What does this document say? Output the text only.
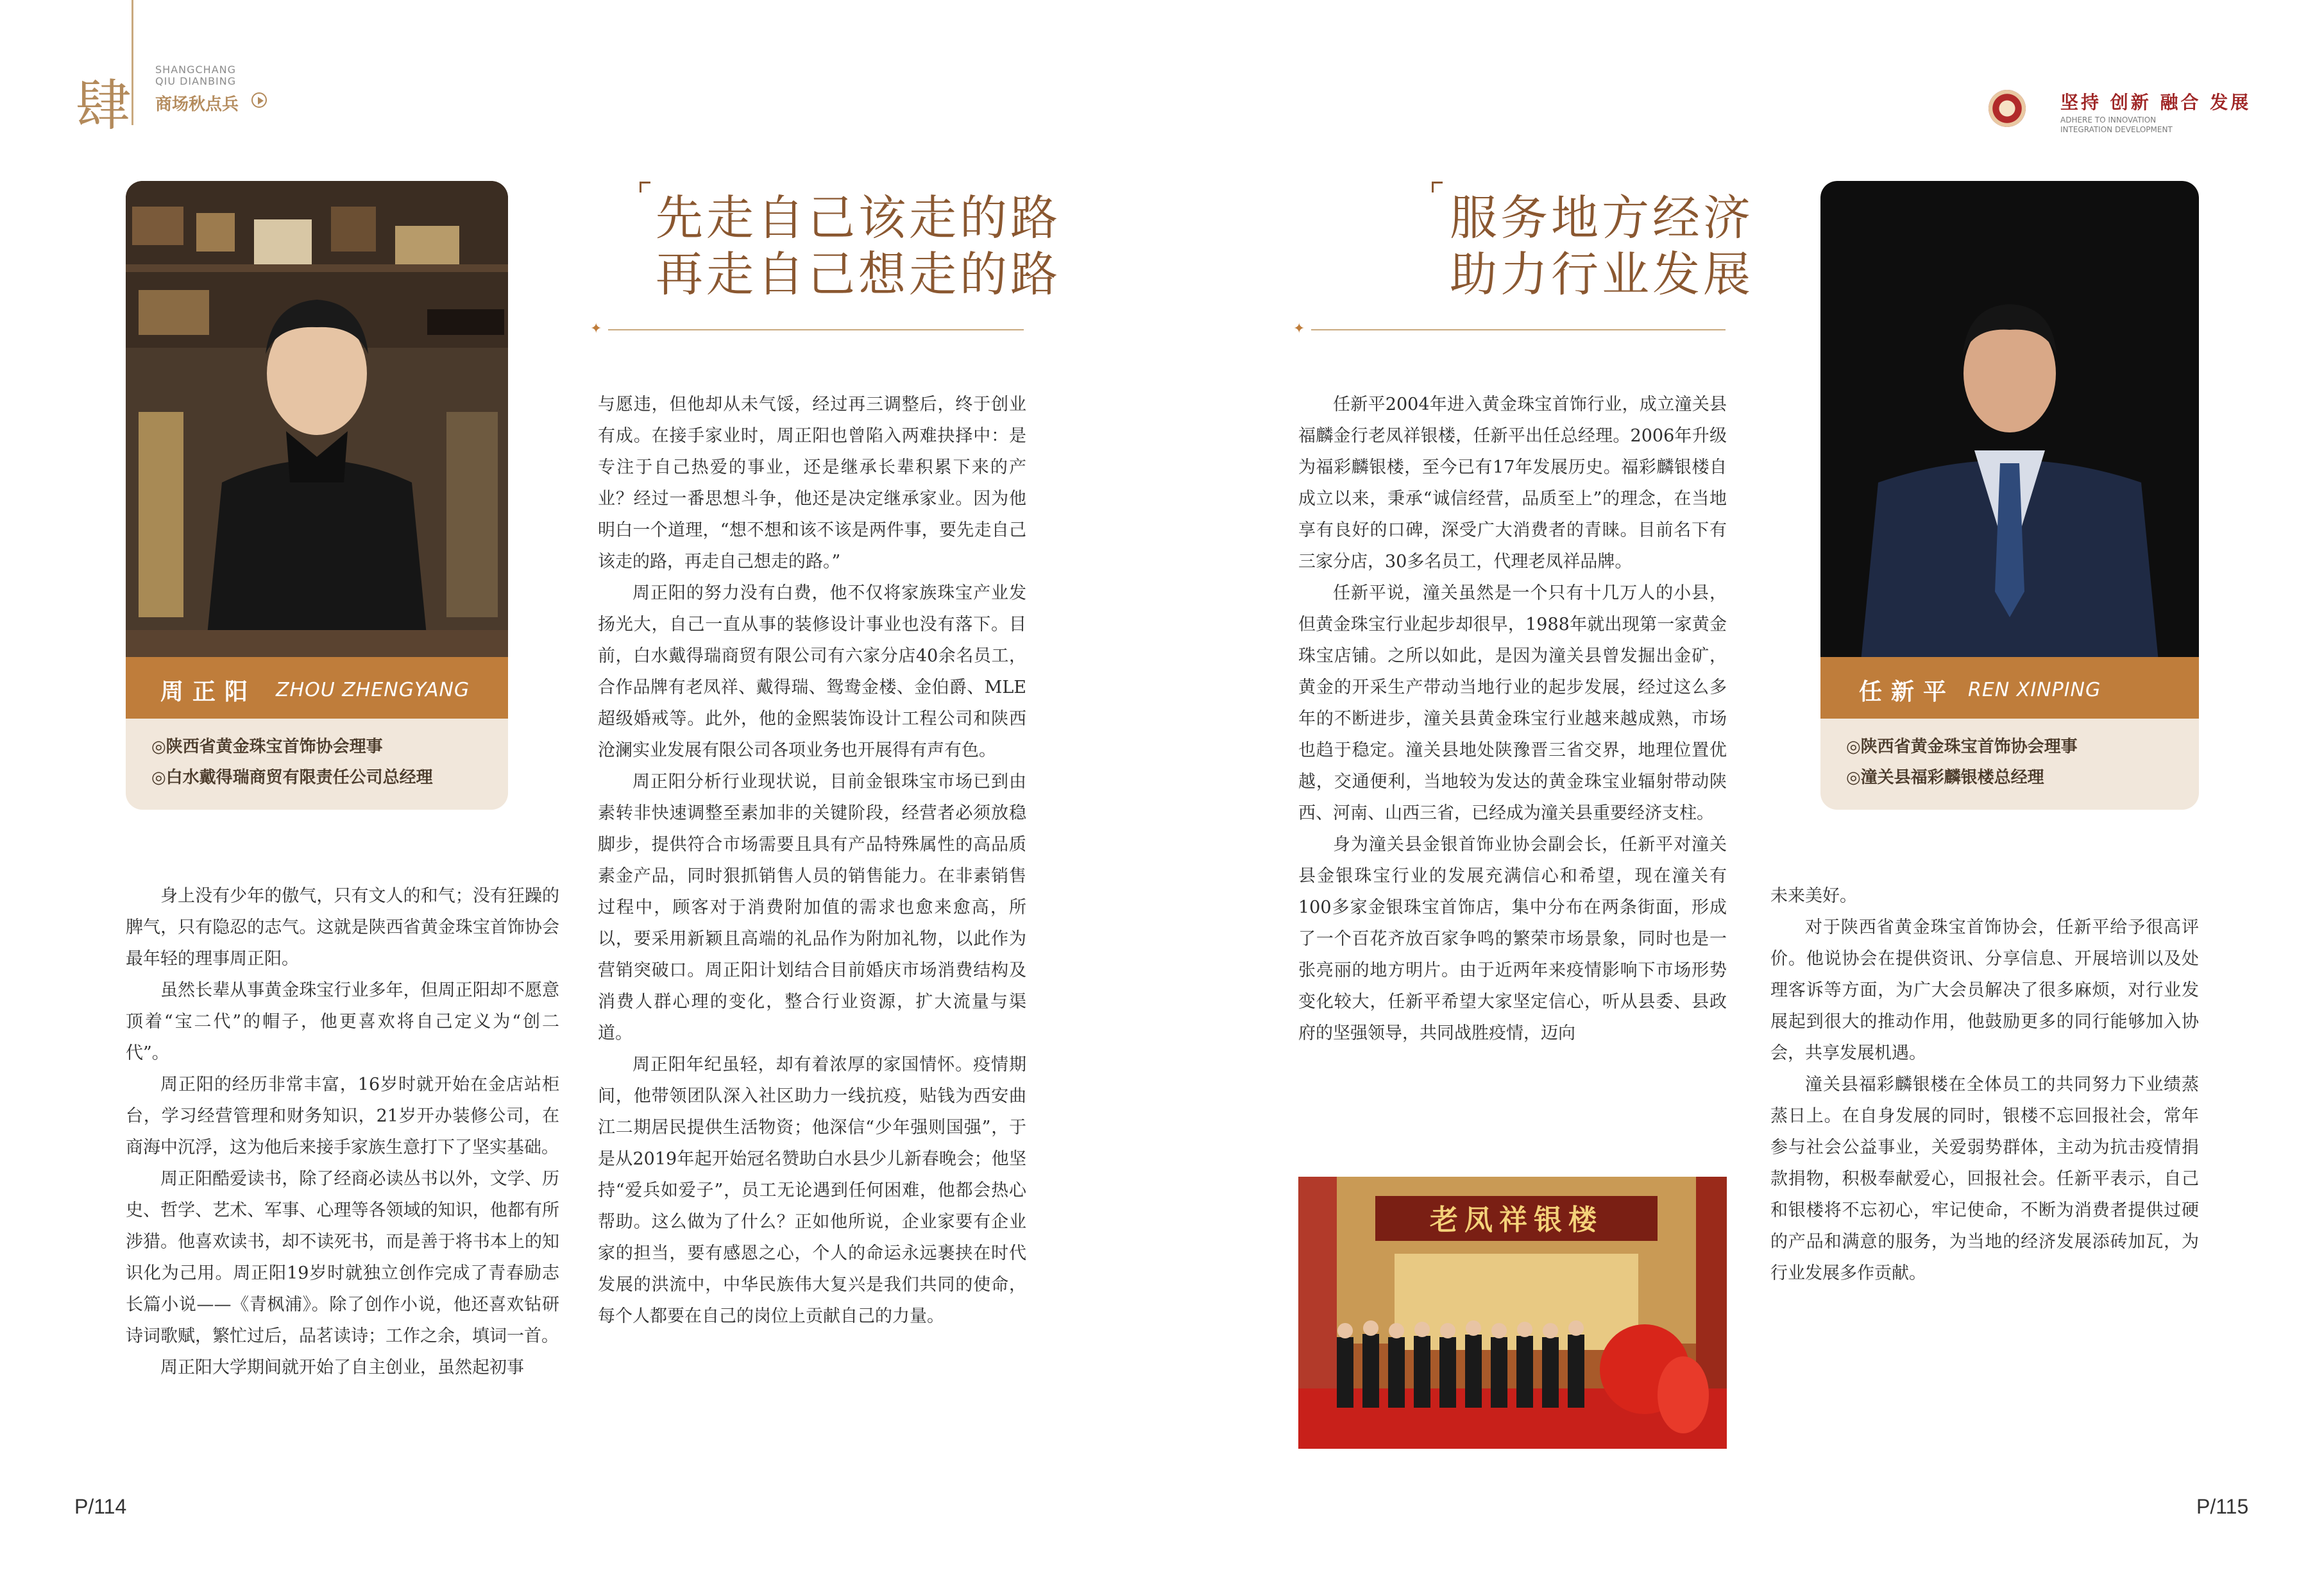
肆
SHANGCHANG
QIU DIANBING
商场秋点兵	坚持 创新 融合 发展
ADHERE TO INNOVATION
INTEGRATION DEVELOPMENT
周正阳 ZHOU ZHENGYANG
◎陕西省黄金珠宝首饰协会理事
◎白水戴得瑞商贸有限责任公司总经理
先走自己该走的路
再走自己想走的路
✦

身上没有少年的傲气，只有文人的和气；没有狂躁的脾气，只有隐忍的志气。这就是陕西省黄金珠宝首饰协会最年轻的理事周正阳。

虽然长辈从事黄金珠宝行业多年，但周正阳却不愿意顶着“宝二代”的帽子，他更喜欢将自己定义为“创二代”。

周正阳的经历非常丰富，16岁时就开始在金店站柜台，学习经营管理和财务知识，21岁开办装修公司，在商海中沉浮，这为他后来接手家族生意打下了坚实基础。

周正阳酷爱读书，除了经商必读丛书以外，文学、历史、哲学、艺术、军事、心理等各领域的知识，他都有所涉猎。他喜欢读书，却不读死书，而是善于将书本上的知识化为己用。周正阳19岁时就独立创作完成了青春励志长篇小说——《青枫浦》。除了创作小说，他还喜欢钻研诗词歌赋，繁忙过后，品茗读诗；工作之余，填词一首。

周正阳大学期间就开始了自主创业，虽然起初事

与愿违，但他却从未气馁，经过再三调整后，终于创业有成。在接手家业时，周正阳也曾陷入两难抉择中：是专注于自己热爱的事业，还是继承长辈积累下来的产业？经过一番思想斗争，他还是决定继承家业。因为他明白一个道理，“想不想和该不该是两件事，要先走自己该走的路，再走自己想走的路。”

周正阳的努力没有白费，他不仅将家族珠宝产业发扬光大，自己一直从事的装修设计事业也没有落下。目前，白水戴得瑞商贸有限公司有六家分店40余名员工，合作品牌有老凤祥、戴得瑞、鸳鸯金楼、金伯爵、MLE超级婚戒等。此外，他的金熙装饰设计工程公司和陕西沧澜实业发展有限公司各项业务也开展得有声有色。

周正阳分析行业现状说，目前金银珠宝市场已到由素转非快速调整至素加非的关键阶段，经营者必须放稳脚步，提供符合市场需要且具有产品特殊属性的高品质素金产品，同时狠抓销售人员的销售能力。在非素销售过程中，顾客对于消费附加值的需求也愈来愈高，所以，要采用新颖且高端的礼品作为附加礼物，以此作为营销突破口。周正阳计划结合目前婚庆市场消费结构及消费人群心理的变化，整合行业资源，扩大流量与渠道。

周正阳年纪虽轻，却有着浓厚的家国情怀。疫情期间，他带领团队深入社区助力一线抗疫，贴钱为西安曲江二期居民提供生活物资；他深信“少年强则国强”，于是从2019年起开始冠名赞助白水县少儿新春晚会；他坚持“爱兵如爱子”，员工无论遇到任何困难，他都会热心帮助。这么做为了什么？正如他所说，企业家要有企业家的担当，要有感恩之心，个人的命运永远裹挟在时代发展的洪流中，中华民族伟大复兴是我们共同的使命，每个人都要在自己的岗位上贡献自己的力量。

P/114
服务地方经济
助力行业发展
✦

任新平2004年进入黄金珠宝首饰行业，成立潼关县福麟金行老凤祥银楼，任新平出任总经理。2006年升级为福彩麟银楼，至今已有17年发展历史。福彩麟银楼自成立以来，秉承“诚信经营，品质至上”的理念，在当地享有良好的口碑，深受广大消费者的青睐。目前名下有三家分店，30多名员工，代理老凤祥品牌。

任新平说，潼关虽然是一个只有十几万人的小县，但黄金珠宝行业起步却很早，1988年就出现第一家黄金珠宝店铺。之所以如此，是因为潼关县曾发掘出金矿，黄金的开采生产带动当地行业的起步发展，经过这么多年的不断进步，潼关县黄金珠宝行业越来越成熟，市场也趋于稳定。潼关县地处陕豫晋三省交界，地理位置优越，交通便利，当地较为发达的黄金珠宝业辐射带动陕西、河南、山西三省，已经成为潼关县重要经济支柱。

身为潼关县金银首饰业协会副会长，任新平对潼关县金银珠宝行业的发展充满信心和希望，现在潼关有100多家金银珠宝首饰店，集中分布在两条街面，形成了一个百花齐放百家争鸣的繁荣市场景象，同时也是一张亮丽的地方明片。由于近两年来疫情影响下市场形势变化较大，任新平希望大家坚定信心，听从县委、县政府的坚强领导，共同战胜疫情，迈向

老凤祥银楼
任新平 REN XINPING
◎陕西省黄金珠宝首饰协会理事
◎潼关县福彩麟银楼总经理

未来美好。

对于陕西省黄金珠宝首饰协会，任新平给予很高评价。他说协会在提供资讯、分享信息、开展培训以及处理客诉等方面，为广大会员解决了很多麻烦，对行业发展起到很大的推动作用，他鼓励更多的同行能够加入协会，共享发展机遇。

潼关县福彩麟银楼在全体员工的共同努力下业绩蒸蒸日上。在自身发展的同时，银楼不忘回报社会，常年参与社会公益事业，关爱弱势群体，主动为抗击疫情捐款捐物，积极奉献爱心，回报社会。任新平表示，自己和银楼将不忘初心，牢记使命，不断为消费者提供过硬的产品和满意的服务，为当地的经济发展添砖加瓦，为行业发展多作贡献。

P/115
